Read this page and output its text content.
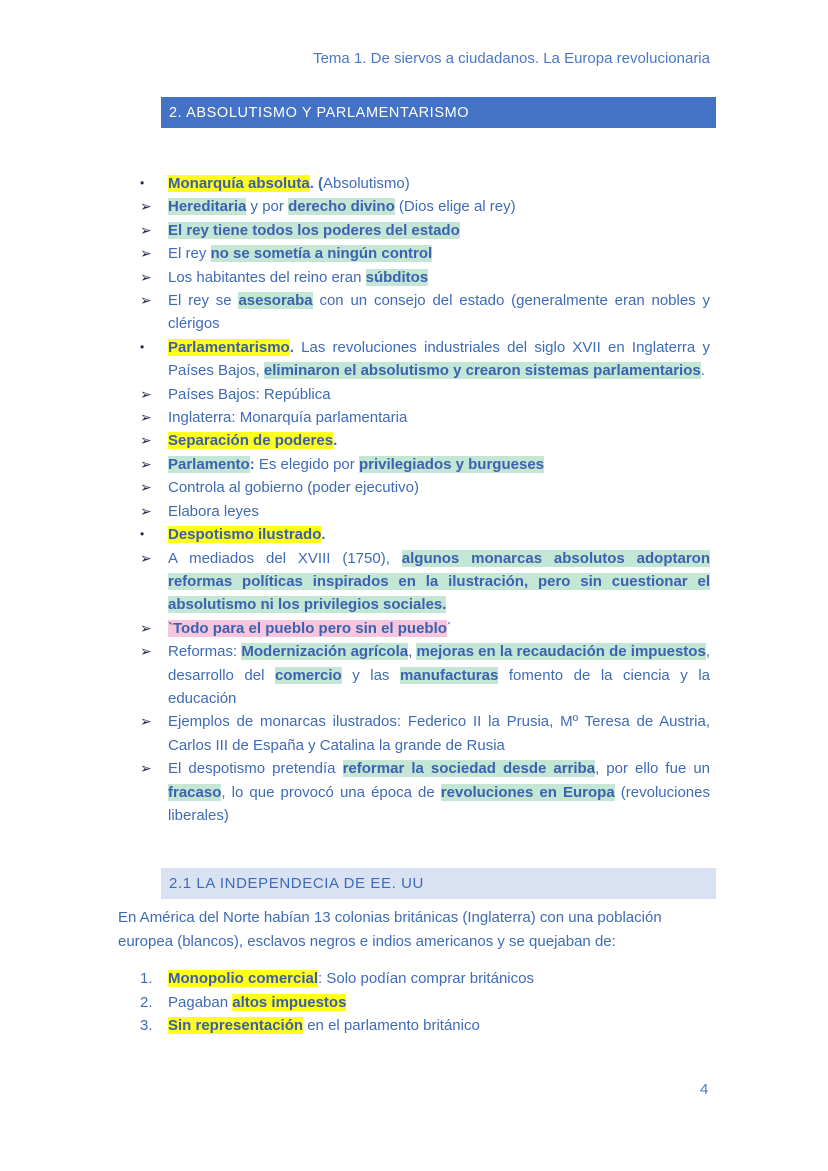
Tema 1. De siervos a ciudadanos. La Europa revolucionaria
2. ABSOLUTISMO Y PARLAMENTARISMO
•	Monarquía absoluta. (Absolutismo)
➢	Hereditaria y por derecho divino (Dios elige al rey)
➢	El rey tiene todos los poderes del estado
➢	El rey no se sometía a ningún control
➢	Los habitantes del reino eran súbditos
➢	El rey se asesoraba con un consejo del estado (generalmente eran nobles y clérigos
•	Parlamentarismo. Las revoluciones industriales del siglo XVII en Inglaterra y Países Bajos, eliminaron el absolutismo y crearon sistemas parlamentarios.
➢	Países Bajos: República
➢	Inglaterra: Monarquía parlamentaria
➢	Separación de poderes.
➢	Parlamento: Es elegido por privilegiados y burgueses
➢	Controla al gobierno (poder ejecutivo)
➢	Elabora leyes
•	Despotismo ilustrado.
➢	A mediados del XVIII (1750), algunos monarcas absolutos adoptaron reformas políticas inspirados en la ilustración, pero sin cuestionar el absolutismo ni los privilegios sociales.
➢	`Todo para el pueblo pero sin el pueblo´
➢	Reformas: Modernización agrícola, mejoras en la recaudación de impuestos, desarrollo del comercio y las manufacturas fomento de la ciencia y la educación
➢	Ejemplos de monarcas ilustrados: Federico II la Prusia, Mº Teresa de Austria, Carlos III de España y Catalina la grande de Rusia
➢	El despotismo pretendía reformar la sociedad desde arriba, por ello fue un fracaso, lo que provocó una época de revoluciones en Europa (revoluciones liberales)
2.1 LA INDEPENDECIA DE EE. UU

En América del Norte habían 13 colonias británicas (Inglaterra) con una población europea (blancos), esclavos negros e indios americanos y se quejaban de:

1. Monopolio comercial: Solo podían comprar británicos
2. Pagaban altos impuestos
3. Sin representación en el parlamento británico
4
